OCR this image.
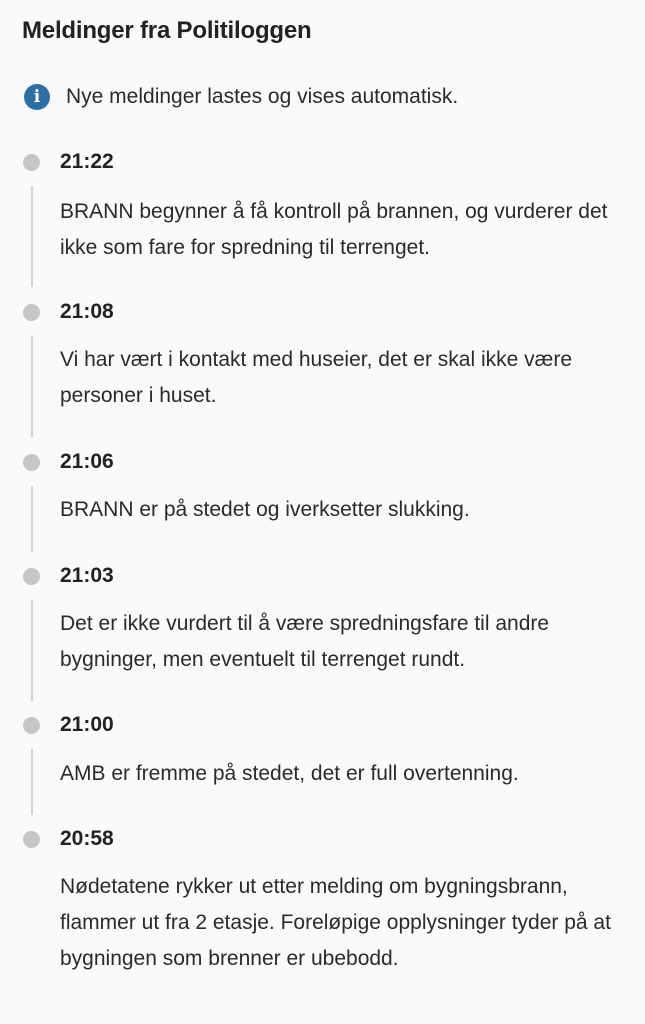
Meldinger fra Politiloggen
i	Nye meldinger lastes og vises automatisk.
21:22
BRANN begynner å få kontroll på brannen, og vurderer det ikke som fare for spredning til terrenget.
21:08
Vi har vært i kontakt med huseier, det er skal ikke være personer i huset.
21:06
BRANN er på stedet og iverksetter slukking.
21:03
Det er ikke vurdert til å være spredningsfare til andre bygninger, men eventuelt til terrenget rundt.
21:00
AMB er fremme på stedet, det er full overtenning.
20:58
Nødetatene rykker ut etter melding om bygningsbrann, flammer ut fra 2 etasje. Foreløpige opplysninger tyder på at bygningen som brenner er ubebodd.
